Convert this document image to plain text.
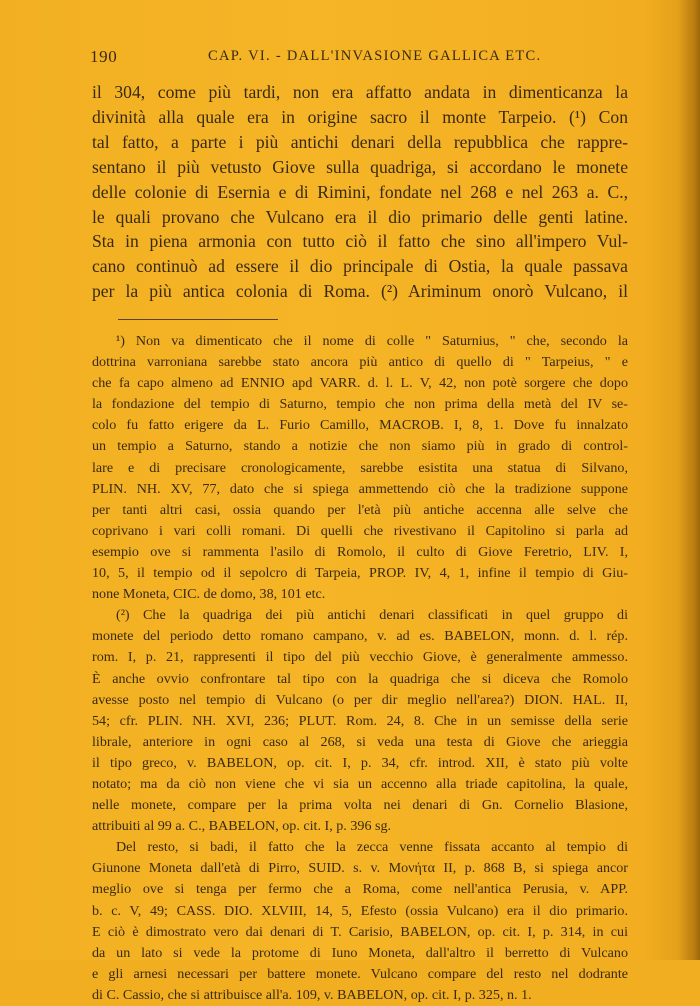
190	CAP. VI. - DALL'INVASIONE GALLICA ETC.
il 304, come più tardi, non era affatto andata in dimenticanza la
divinità alla quale era in origine sacro il monte Tarpeio. (¹) Con
tal fatto, a parte i più antichi denari della repubblica che rappre-
sentano il più vetusto Giove sulla quadriga, si accordano le monete
delle colonie di Esernia e di Rimini, fondate nel 268 e nel 263 a. C.,
le quali provano che Vulcano era il dio primario delle genti latine.
Sta in piena armonia con tutto ciò il fatto che sino all'impero Vul-
cano continuò ad essere il dio principale di Ostia, la quale passava
per la più antica colonia di Roma. (²) Ariminum onorò Vulcano, il
¹) Non va dimenticato che il nome di colle " Saturnius, " che, secondo la
dottrina varroniana sarebbe stato ancora più antico di quello di " Tarpeius, " e
che fa capo almeno ad ENNIO apd VARR. d. l. L. V, 42, non potè sorgere che dopo
la fondazione del tempio di Saturno, tempio che non prima della metà del IV se-
colo fu fatto erigere da L. Furio Camillo, MACROB. I, 8, 1. Dove fu innalzato
un tempio a Saturno, stando a notizie che non siamo più in grado di control-
lare e di precisare cronologicamente, sarebbe esistita una statua di Silvano,
PLIN. NH. XV, 77, dato che si spiega ammettendo ciò che la tradizione suppone
per tanti altri casi, ossia quando per l'età più antiche accenna alle selve che
coprivano i vari colli romani. Di quelli che rivestivano il Capitolino si parla ad
esempio ove si rammenta l'asilo di Romolo, il culto di Giove Feretrio, LIV. I,
10, 5, il tempio od il sepolcro di Tarpeia, PROP. IV, 4, 1, infine il tempio di Giu-
none Moneta, CIC. de domo, 38, 101 etc.
(²) Che la quadriga dei più antichi denari classificati in quel gruppo di
monete del periodo detto romano campano, v. ad es. BABELON, monn. d. l. rép.
rom. I, p. 21, rappresenti il tipo del più vecchio Giove, è generalmente ammesso.
È anche ovvio confrontare tal tipo con la quadriga che si diceva che Romolo
avesse posto nel tempio di Vulcano (o per dir meglio nell'area?) DION. HAL. II,
54; cfr. PLIN. NH. XVI, 236; PLUT. Rom. 24, 8. Che in un semisse della serie
librale, anteriore in ogni caso al 268, si veda una testa di Giove che arieggia
il tipo greco, v. BABELON, op. cit. I, p. 34, cfr. introd. XII, è stato più volte
notato; ma da ciò non viene che vi sia un accenno alla triade capitolina, la quale,
nelle monete, compare per la prima volta nei denari di Gn. Cornelio Blasione,
attribuiti al 99 a. C., BABELON, op. cit. I, p. 396 sg.
Del resto, si badi, il fatto che la zecca venne fissata accanto al tempio di
Giunone Moneta dall'età di Pirro, SUID. s. v. Μονήτα II, p. 868 B, si spiega ancor
meglio ove si tenga per fermo che a Roma, come nell'antica Perusia, v. APP.
b. c. V, 49; CASS. DIO. XLVIII, 14, 5, Efesto (ossia Vulcano) era il dio primario.
E ciò è dimostrato vero dai denari di T. Carisio, BABELON, op. cit. I, p. 314, in cui
da un lato si vede la protome di Iuno Moneta, dall'altro il berretto di Vulcano
e gli arnesi necessari per battere monete. Vulcano compare del resto nel dodrante
di C. Cassio, che si attribuisce all'a. 109, v. BABELON, op. cit. I, p. 325, n. 1.
